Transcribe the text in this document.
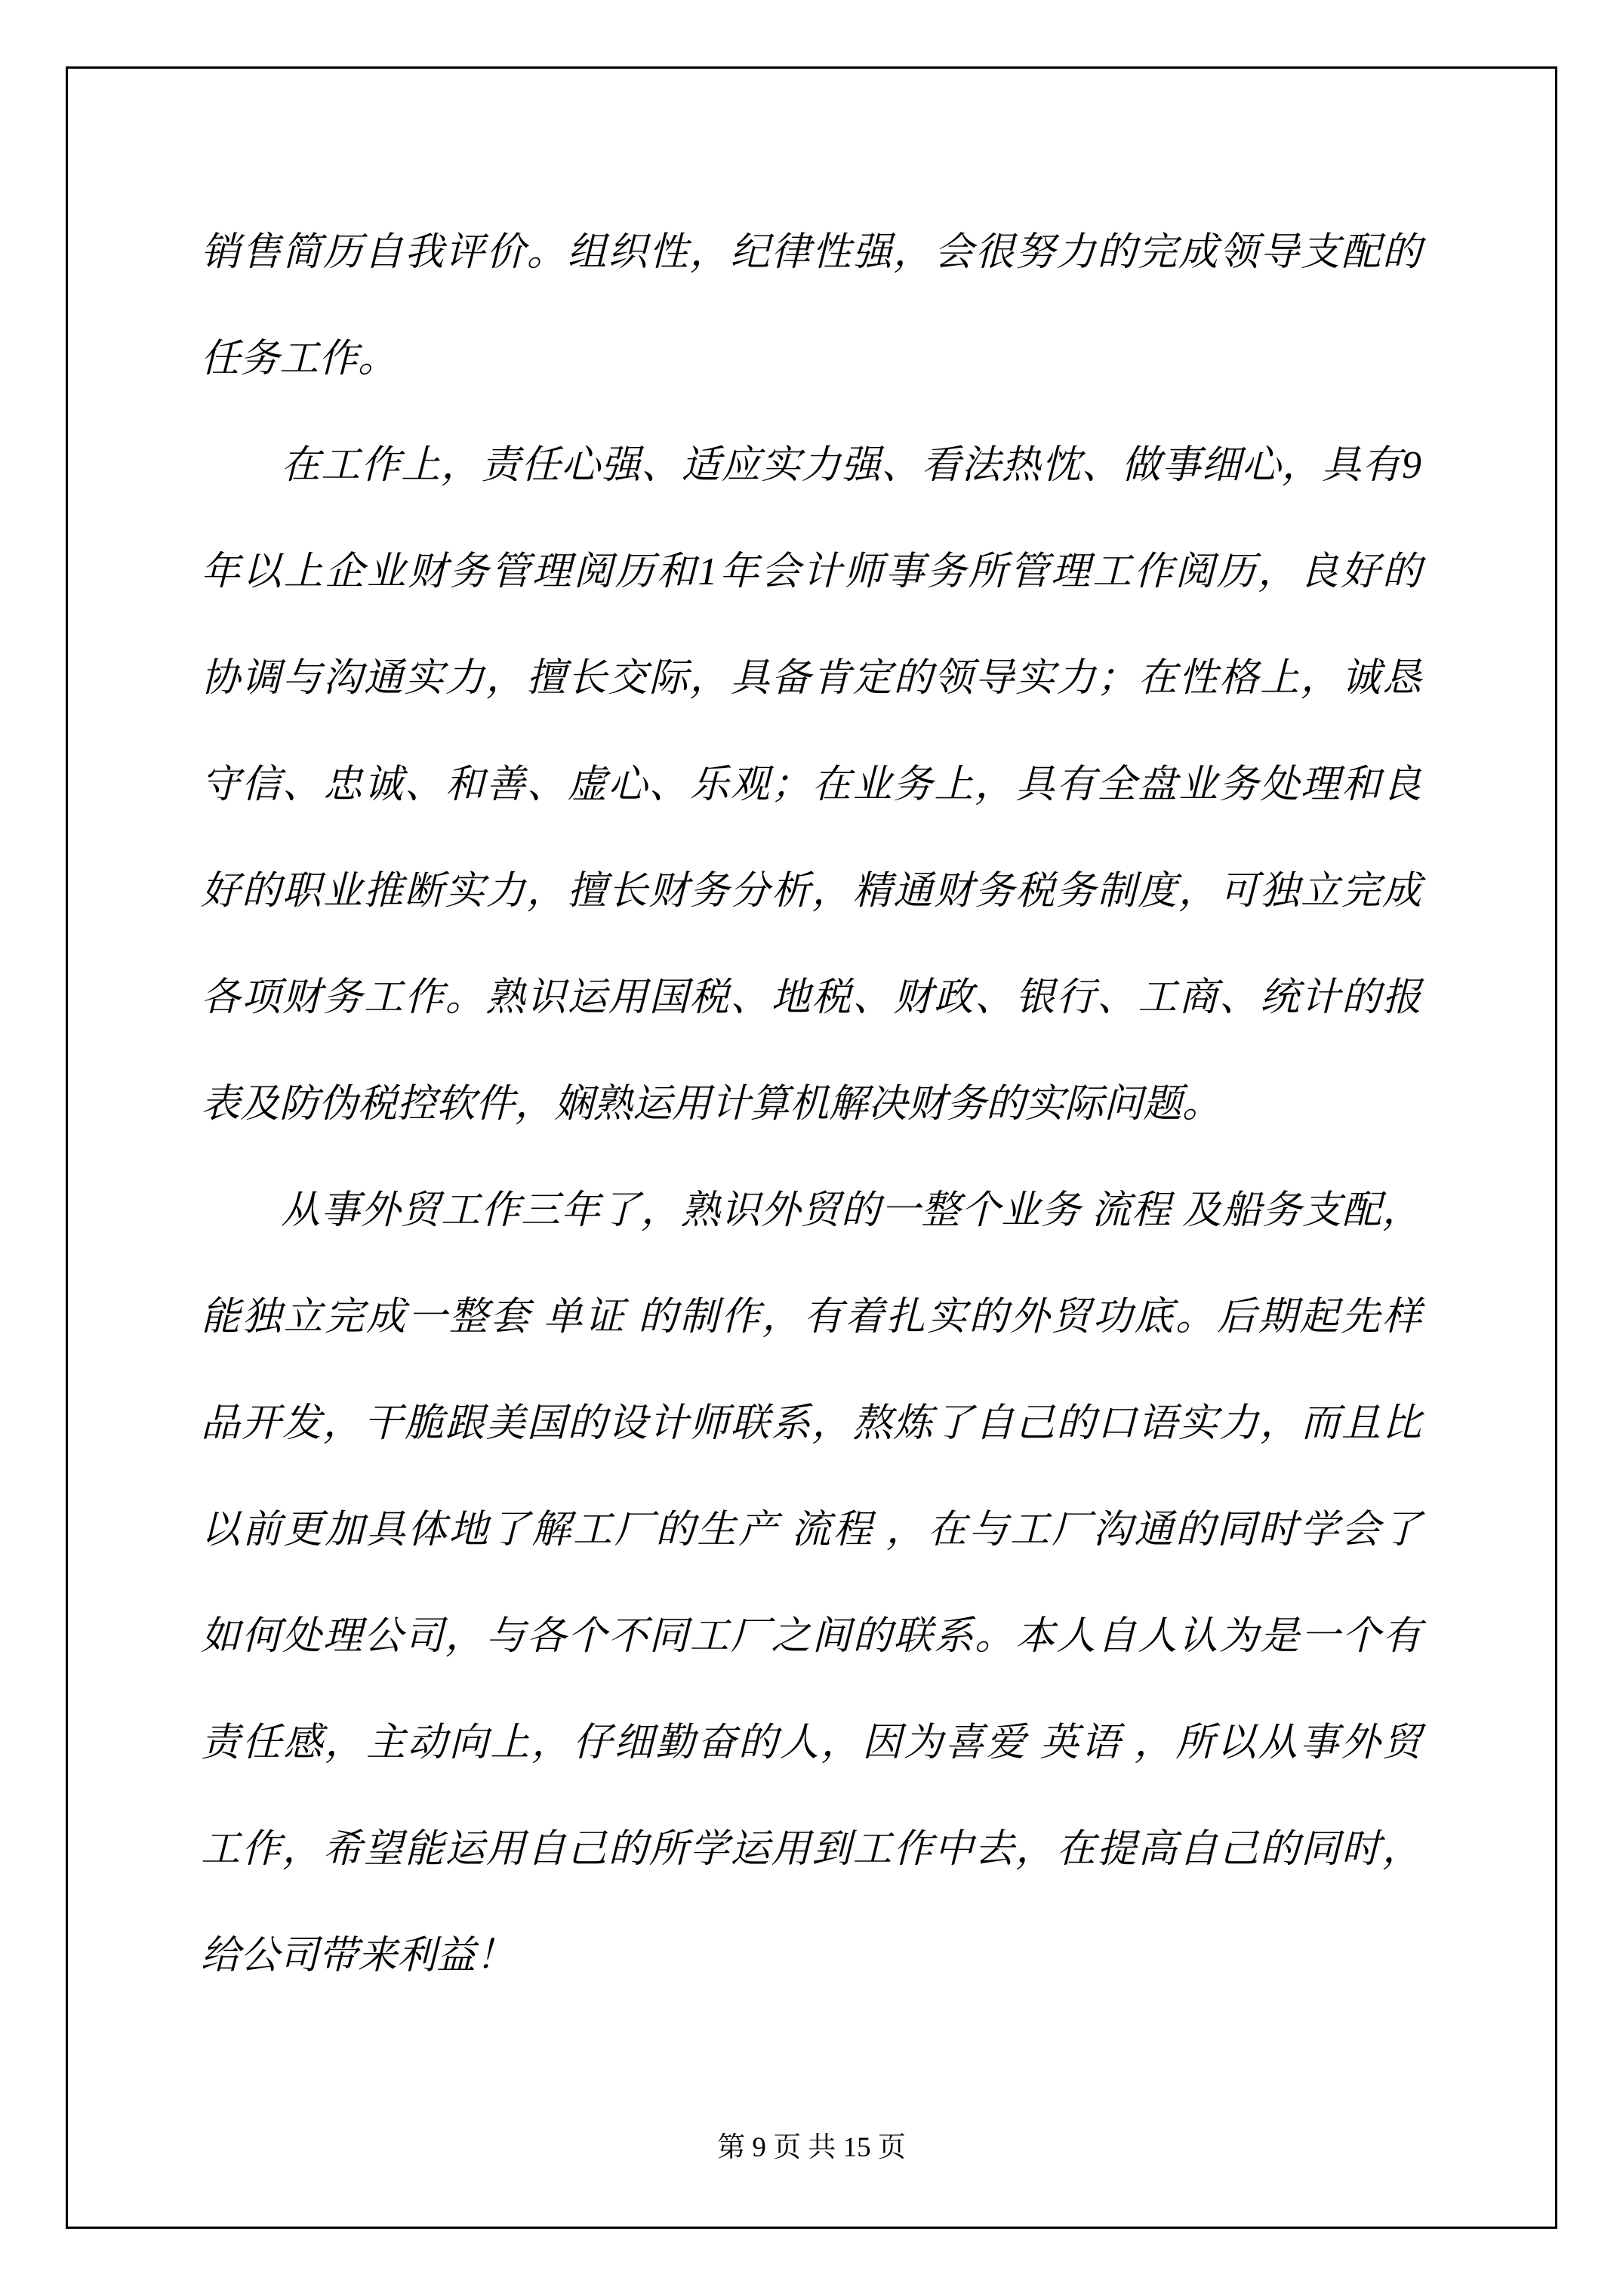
销售简历自我评价。组织性，纪律性强，会很努力的完成领导支配的
任务工作。
　　在工作上，责任心强、适应实力强、看法热忱、做事细心，具有9
年以上企业财务管理阅历和1年会计师事务所管理工作阅历，良好的
协调与沟通实力，擅长交际，具备肯定的领导实力；在性格上，诚恳
守信、忠诚、和善、虚心、乐观；在业务上，具有全盘业务处理和良
好的职业推断实力，擅长财务分析，精通财务税务制度，可独立完成
各项财务工作。熟识运用国税、地税、财政、银行、工商、统计的报
表及防伪税控软件，娴熟运用计算机解决财务的实际问题。
　　从事外贸工作三年了，熟识外贸的一整个业务 流程 及船务支配，
能独立完成一整套 单证 的制作，有着扎实的外贸功底。后期起先样
品开发，干脆跟美国的设计师联系，熬炼了自己的口语实力，而且比
以前更加具体地了解工厂的生产 流程 ，在与工厂沟通的同时学会了
如何处理公司，与各个不同工厂之间的联系。本人自人认为是一个有
责任感，主动向上，仔细勤奋的人，因为喜爱 英语 ，所以从事外贸
工作，希望能运用自己的所学运用到工作中去，在提高自己的同时，
给公司带来利益！
第 9 页 共 15 页
